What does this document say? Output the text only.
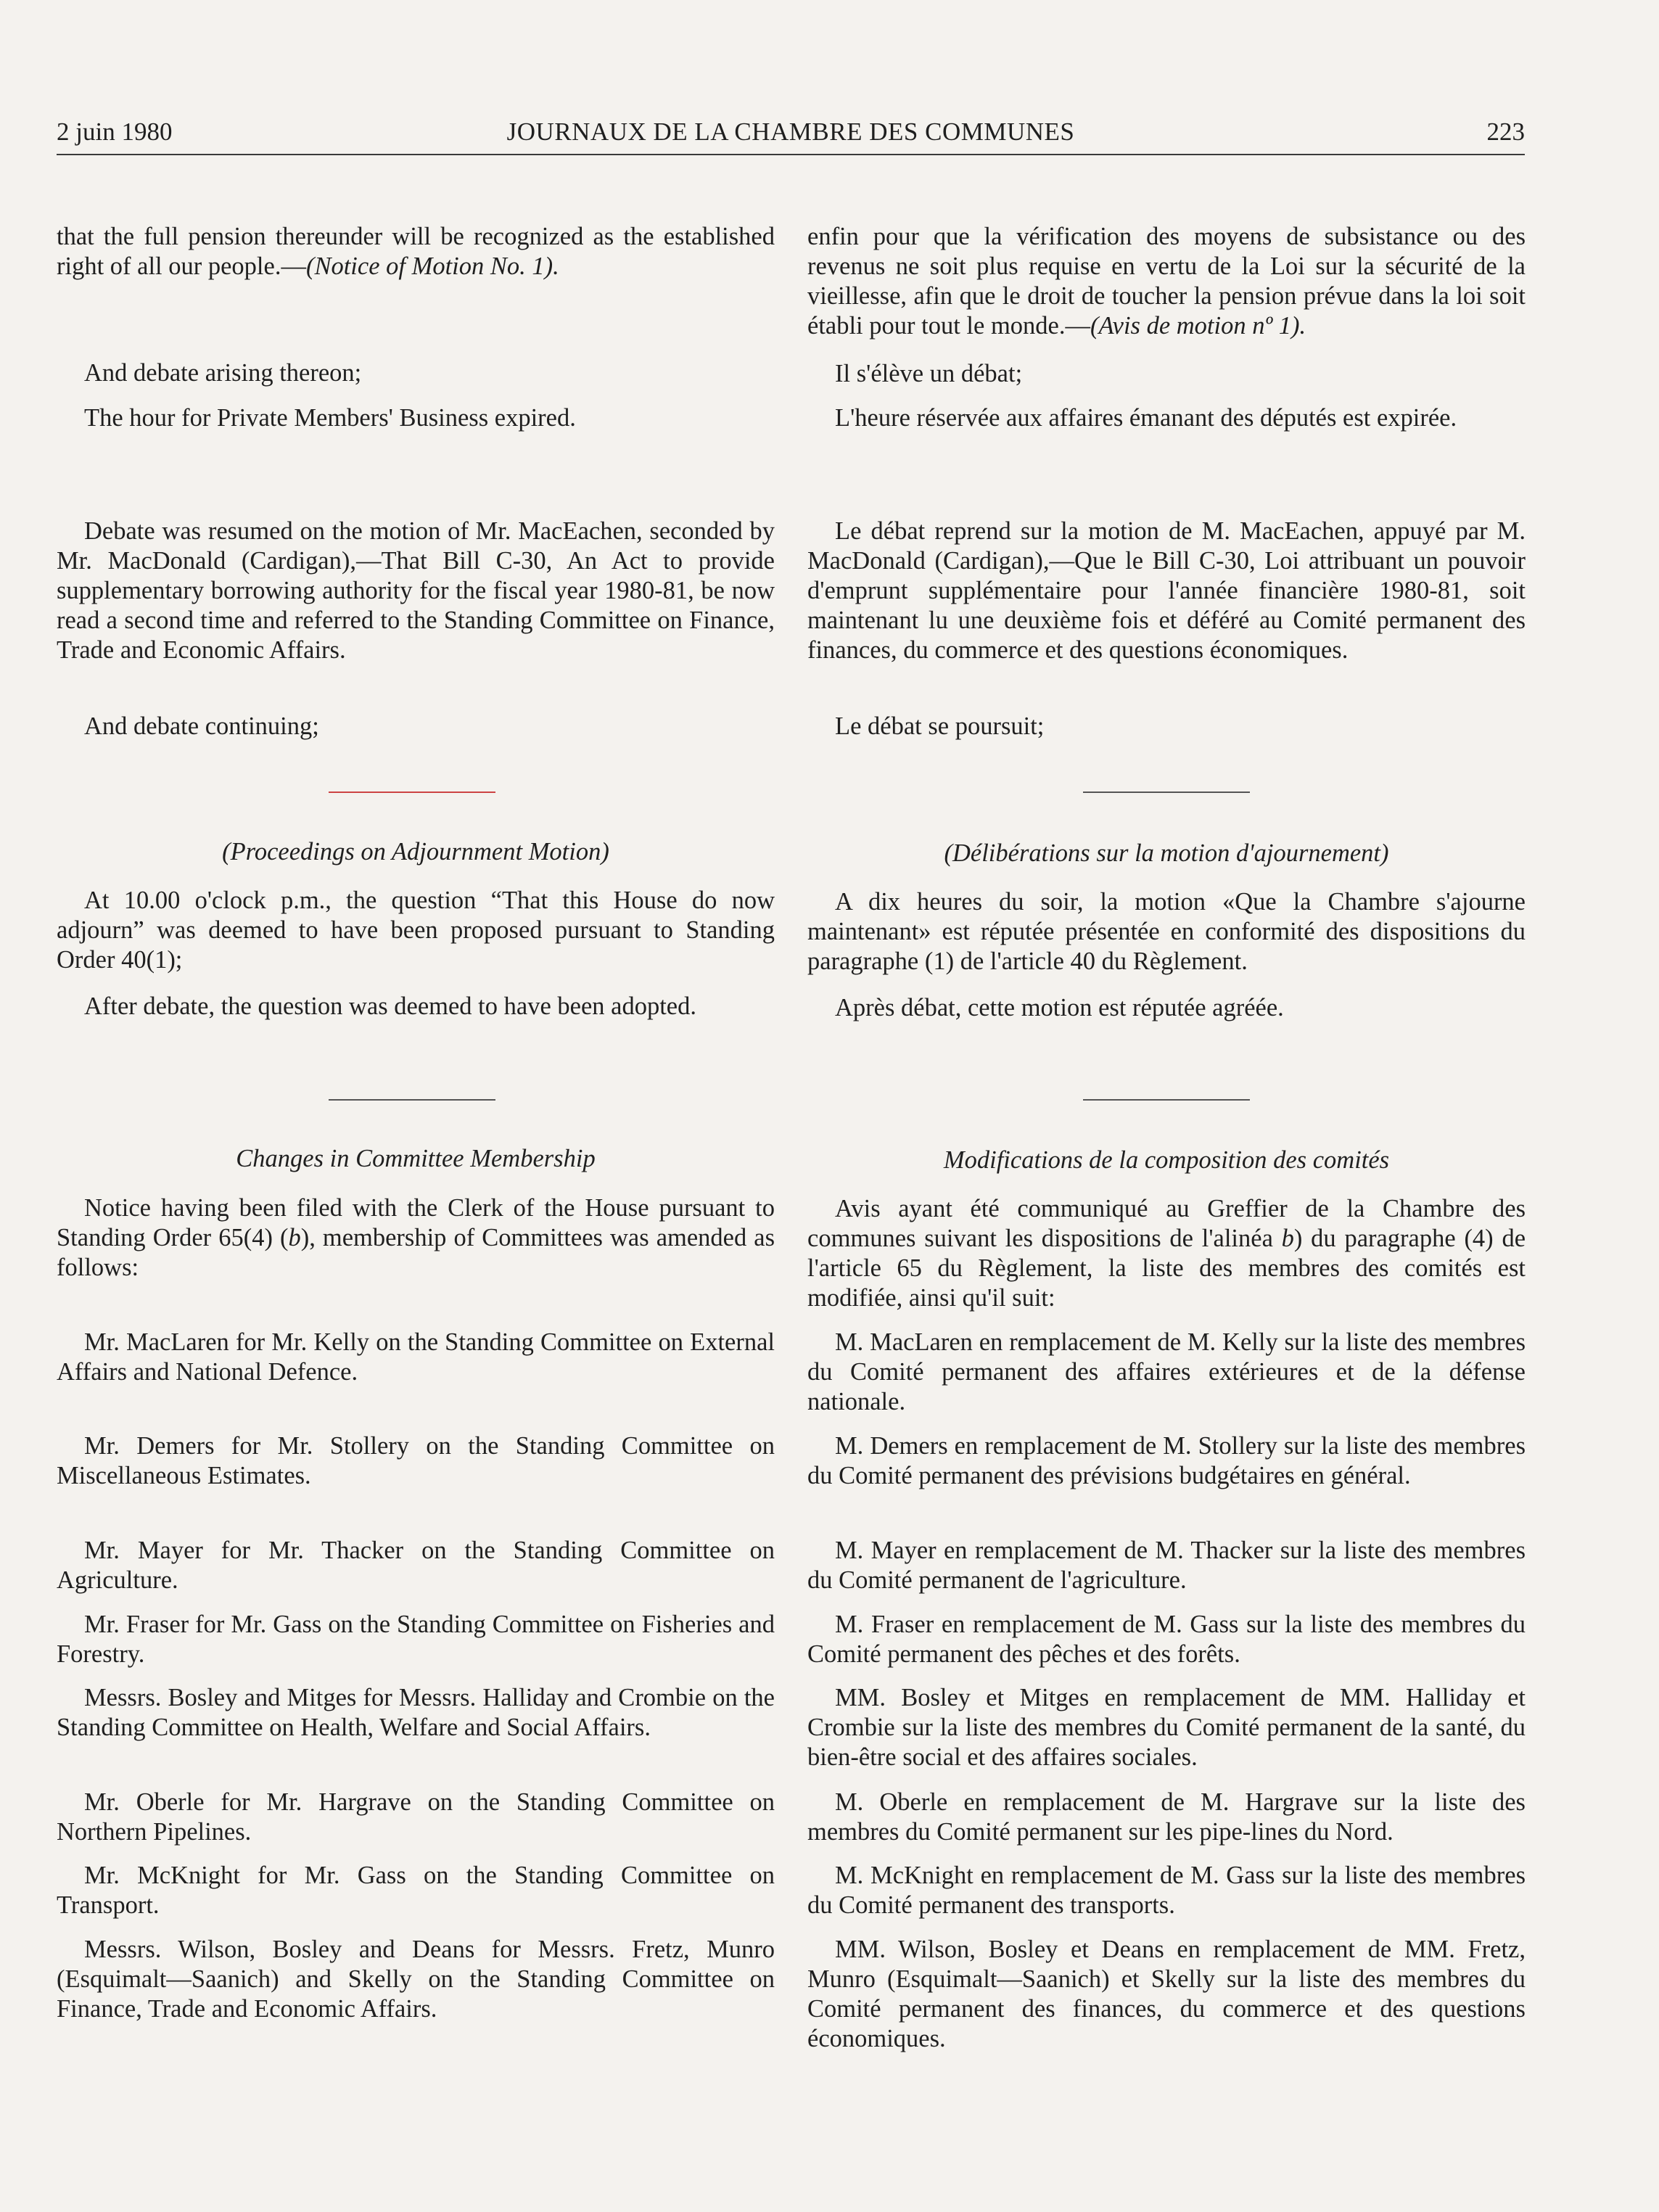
2 juin 1980	JOURNAUX DE LA CHAMBRE DES COMMUNES	223

that the full pension thereunder will be recognized as the established right of all our people.—(Notice of Motion No. 1).

And debate arising thereon;

The hour for Private Members' Business expired.

Debate was resumed on the motion of Mr. MacEachen, seconded by Mr. MacDonald (Cardigan),—That Bill C-30, An Act to provide supplementary borrowing authority for the fiscal year 1980-81, be now read a second time and referred to the Standing Committee on Finance, Trade and Economic Affairs.

And debate continuing;

(Proceedings on Adjournment Motion)

At 10.00 o'clock p.m., the question “That this House do now adjourn” was deemed to have been proposed pursuant to Standing Order 40(1);

After debate, the question was deemed to have been adopted.

Changes in Committee Membership

Notice having been filed with the Clerk of the House pursuant to Standing Order 65(4) (b), membership of Committees was amended as follows:

Mr. MacLaren for Mr. Kelly on the Standing Committee on External Affairs and National Defence.

Mr. Demers for Mr. Stollery on the Standing Committee on Miscellaneous Estimates.

Mr. Mayer for Mr. Thacker on the Standing Committee on Agriculture.

Mr. Fraser for Mr. Gass on the Standing Committee on Fisheries and Forestry.

Messrs. Bosley and Mitges for Messrs. Halliday and Crombie on the Standing Committee on Health, Welfare and Social Affairs.

Mr. Oberle for Mr. Hargrave on the Standing Committee on Northern Pipelines.

Mr. McKnight for Mr. Gass on the Standing Committee on Transport.

Messrs. Wilson, Bosley and Deans for Messrs. Fretz, Munro (Esquimalt—Saanich) and Skelly on the Standing Committee on Finance, Trade and Economic Affairs.

enfin pour que la vérification des moyens de subsistance ou des revenus ne soit plus requise en vertu de la Loi sur la sécurité de la vieillesse, afin que le droit de toucher la pension prévue dans la loi soit établi pour tout le monde.—(Avis de motion nº 1).

Il s'élève un débat;

L'heure réservée aux affaires émanant des députés est expirée.

Le débat reprend sur la motion de M. MacEachen, appuyé par M. MacDonald (Cardigan),—Que le Bill C-30, Loi attribuant un pouvoir d'emprunt supplémentaire pour l'année financière 1980-81, soit maintenant lu une deuxième fois et déféré au Comité permanent des finances, du commerce et des questions économiques.

Le débat se poursuit;

(Délibérations sur la motion d'ajournement)

A dix heures du soir, la motion «Que la Chambre s'ajourne maintenant» est réputée présentée en conformité des dispositions du paragraphe (1) de l'article 40 du Règlement.

Après débat, cette motion est réputée agréée.

Modifications de la composition des comités

Avis ayant été communiqué au Greffier de la Chambre des communes suivant les dispositions de l'alinéa b) du paragraphe (4) de l'article 65 du Règlement, la liste des membres des comités est modifiée, ainsi qu'il suit:

M. MacLaren en remplacement de M. Kelly sur la liste des membres du Comité permanent des affaires extérieures et de la défense nationale.

M. Demers en remplacement de M. Stollery sur la liste des membres du Comité permanent des prévisions budgétaires en général.

M. Mayer en remplacement de M. Thacker sur la liste des membres du Comité permanent de l'agriculture.

M. Fraser en remplacement de M. Gass sur la liste des membres du Comité permanent des pêches et des forêts.

MM. Bosley et Mitges en remplacement de MM. Halliday et Crombie sur la liste des membres du Comité permanent de la santé, du bien-être social et des affaires sociales.

M. Oberle en remplacement de M. Hargrave sur la liste des membres du Comité permanent sur les pipe-lines du Nord.

M. McKnight en remplacement de M. Gass sur la liste des membres du Comité permanent des transports.

MM. Wilson, Bosley et Deans en remplacement de MM. Fretz, Munro (Esquimalt—Saanich) et Skelly sur la liste des membres du Comité permanent des finances, du commerce et des questions économiques.
